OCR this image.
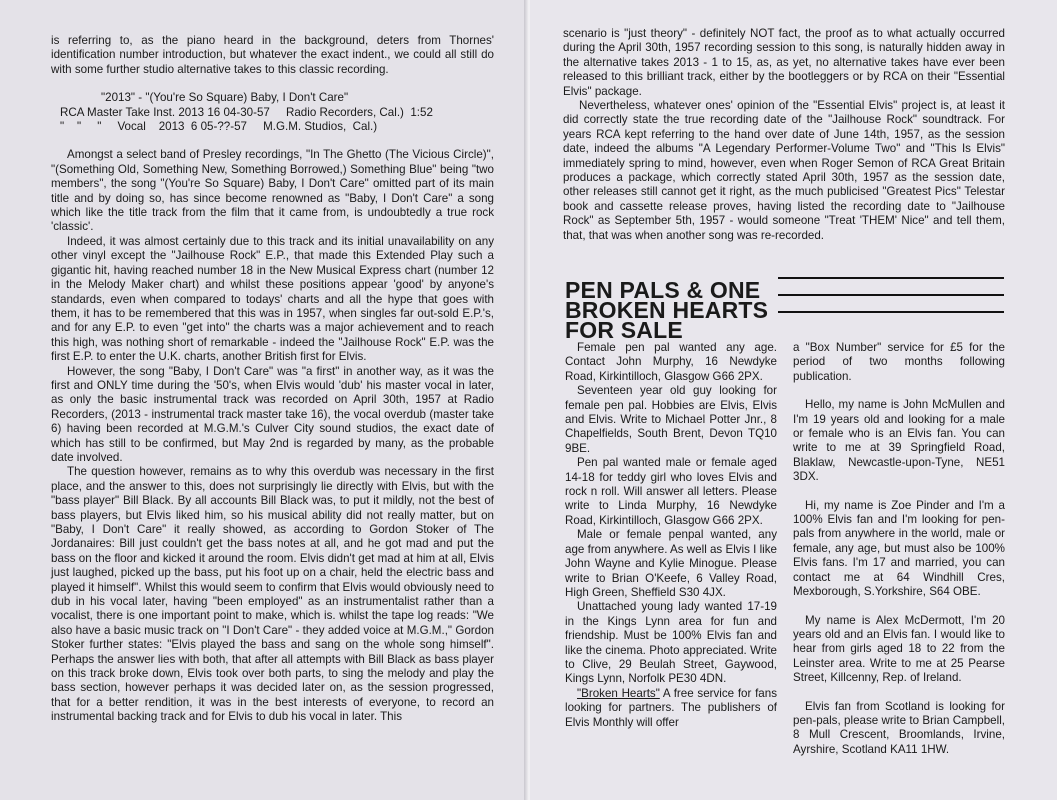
is referring to, as the piano heard in the background, deters from Thornes' identification number introduction, but whatever the exact indent., we could all still do with some further studio alternative takes to this classic recording.

"2013" - "(You're So Square) Baby, I Don't Care"
RCA Master Take Inst. 2013 16 04-30-57     Radio Recorders, Cal.)  1:52
"    "     "     Vocal    2013  6 05-??-57     M.G.M. Studios,  Cal.)

Amongst a select band of Presley recordings, "In The Ghetto (The Vicious Circle)", "(Something Old, Something New, Something Borrowed,) Something Blue" being "two members", the song "(You're So Square) Baby, I Don't Care" omitted part of its main title and by doing so, has since become renowned as "Baby, I Don't Care" a song which like the title track from the film that it came from, is undoubtedly a true rock 'classic'.

Indeed, it was almost certainly due to this track and its initial unavailability on any other vinyl except the "Jailhouse Rock" E.P., that made this Extended Play such a gigantic hit, having reached number 18 in the New Musical Express chart (number 12 in the Melody Maker chart) and whilst these positions appear 'good' by anyone's standards, even when compared to todays' charts and all the hype that goes with them, it has to be remembered that this was in 1957, when singles far out-sold E.P.'s, and for any E.P. to even "get into" the charts was a major achievement and to reach this high, was nothing short of remarkable - indeed the "Jailhouse Rock" E.P. was the first E.P. to enter the U.K. charts, another British first for Elvis.

However, the song "Baby, I Don't Care" was "a first" in another way, as it was the first and ONLY time during the '50's, when Elvis would 'dub' his master vocal in later, as only the basic instrumental track was recorded on April 30th, 1957 at Radio Recorders, (2013 - instrumental track master take 16), the vocal overdub (master take 6) having been recorded at M.G.M.'s Culver City sound studios, the exact date of which has still to be confirmed, but May 2nd is regarded by many, as the probable date involved.

The question however, remains as to why this overdub was necessary in the first place, and the answer to this, does not surprisingly lie directly with Elvis, but with the "bass player" Bill Black. By all accounts Bill Black was, to put it mildly, not the best of bass players, but Elvis liked him, so his musical ability did not really matter, but on "Baby, I Don't Care" it really showed, as according to Gordon Stoker of The Jordanaires: Bill just couldn't get the bass notes at all, and he got mad and put the bass on the floor and kicked it around the room. Elvis didn't get mad at him at all, Elvis just laughed, picked up the bass, put his foot up on a chair, held the electric bass and played it himself". Whilst this would seem to confirm that Elvis would obviously need to dub in his vocal later, having "been employed" as an instrumentalist rather than a vocalist, there is one important point to make, which is. whilst the tape log reads: "We also have a basic music track on "I Don't Care" - they added voice at M.G.M.," Gordon Stoker further states: "Elvis played the bass and sang on the whole song himself". Perhaps the answer lies with both, that after all attempts with Bill Black as bass player on this track broke down, Elvis took over both parts, to sing the melody and play the bass section, however perhaps it was decided later on, as the session progressed, that for a better rendition, it was in the best interests of everyone, to record an instrumental backing track and for Elvis to dub his vocal in later. This

scenario is "just theory" - definitely NOT fact, the proof as to what actually occurred during the April 30th, 1957 recording session to this song, is naturally hidden away in the alternative takes 2013 - 1 to 15, as, as yet, no alternative takes have ever been released to this brilliant track, either by the bootleggers or by RCA on their "Essential Elvis" package.

Nevertheless, whatever ones' opinion of the "Essential Elvis" project is, at least it did correctly state the true recording date of the "Jailhouse Rock" soundtrack. For years RCA kept referring to the hand over date of June 14th, 1957, as the session date, indeed the albums "A Legendary Performer-Volume Two" and "This Is Elvis" immediately spring to mind, however, even when Roger Semon of RCA Great Britain produces a package, which correctly stated April 30th, 1957 as the session date, other releases still cannot get it right, as the much publicised "Greatest Pics" Telestar book and cassette release proves, having listed the recording date to "Jailhouse Rock" as September 5th, 1957 - would someone "Treat 'THEM' Nice" and tell them, that, that was when another song was re-recorded.

PEN PALS & ONE
BROKEN HEARTS
FOR SALE

Female pen pal wanted any age. Contact John Murphy, 16 Newdyke Road, Kirkintilloch, Glasgow G66 2PX.

Seventeen year old guy looking for female pen pal. Hobbies are Elvis, Elvis and Elvis. Write to Michael Potter Jnr., 8 Chapelfields, South Brent, Devon TQ10 9BE.

Pen pal wanted male or female aged 14-18 for teddy girl who loves Elvis and rock n roll. Will answer all letters. Please write to Linda Murphy, 16 Newdyke Road, Kirkintilloch, Glasgow G66 2PX.

Male or female penpal wanted, any age from anywhere. As well as Elvis I like John Wayne and Kylie Minogue. Please write to Brian O'Keefe, 6 Valley Road, High Green, Sheffield S30 4JX.

Unattached young lady wanted 17-19 in the Kings Lynn area for fun and friendship. Must be 100% Elvis fan and like the cinema. Photo appreciated. Write to Clive, 29 Beulah Street, Gaywood, Kings Lynn, Norfolk PE30 4DN.

"Broken Hearts" A free service for fans looking for partners. The publishers of Elvis Monthly will offer

a "Box Number" service for £5 for the period of two months following publication.

Hello, my name is John McMullen and I'm 19 years old and looking for a male or female who is an Elvis fan. You can write to me at 39 Springfield Road, Blaklaw, Newcastle-upon-Tyne, NE51 3DX.

Hi, my name is Zoe Pinder and I'm a 100% Elvis fan and I'm looking for pen-pals from anywhere in the world, male or female, any age, but must also be 100% Elvis fans. I'm 17 and married, you can contact me at 64 Windhill Cres, Mexborough, S.Yorkshire, S64 OBE.

My name is Alex McDermott, I'm 20 years old and an Elvis fan. I would like to hear from girls aged 18 to 22 from the Leinster area. Write to me at 25 Pearse Street, Killcenny, Rep. of Ireland.

Elvis fan from Scotland is looking for pen-pals, please write to Brian Campbell, 8 Mull Crescent, Broomlands, Irvine, Ayrshire, Scotland KA11 1HW.
